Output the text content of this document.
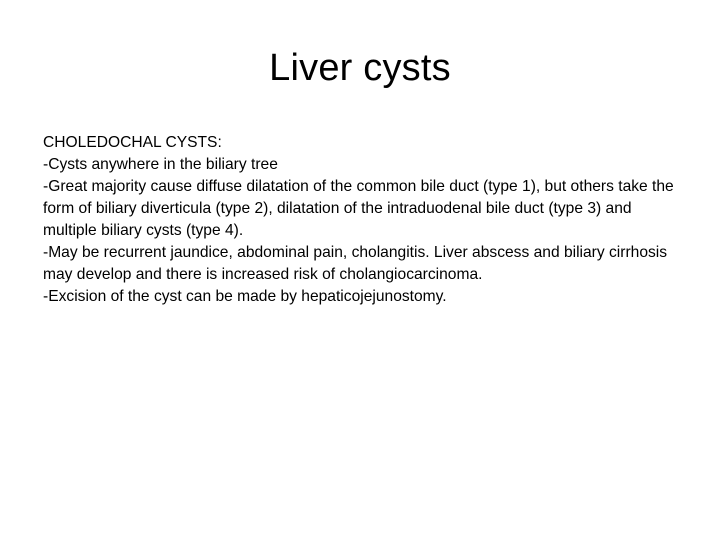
Liver cysts

CHOLEDOCHAL CYSTS:

-Cysts anywhere in the biliary tree

-Great majority cause diffuse dilatation of the common bile duct (type 1), but others take the form of biliary diverticula (type 2), dilatation of the intraduodenal bile duct (type 3) and multiple biliary cysts (type 4).

-May be recurrent jaundice, abdominal pain, cholangitis. Liver abscess and biliary cirrhosis may develop and there is increased risk of cholangiocarcinoma.

-Excision of the cyst can be made by hepaticojejunostomy.
